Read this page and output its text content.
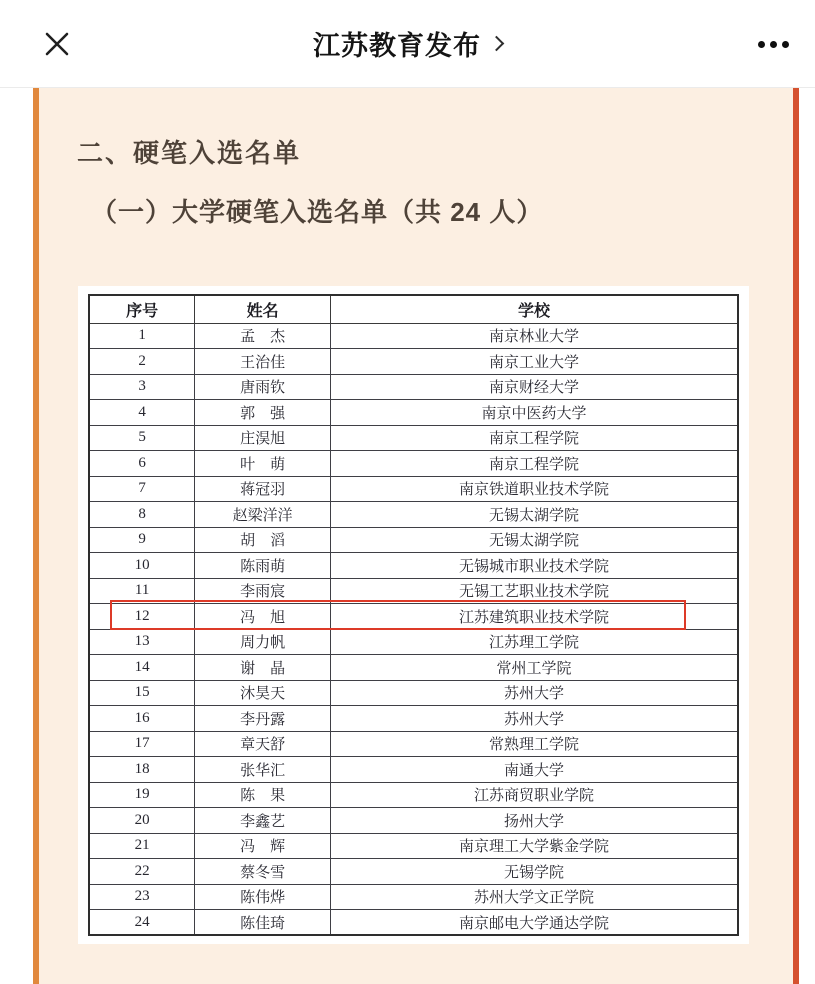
江苏教育发布
二、硬笔入选名单
（一）大学硬笔入选名单（共 24 人）
序号	姓名	学校
1	孟　杰	南京林业大学
2	王治佳	南京工业大学
3	唐雨钦	南京财经大学
4	郭　强	南京中医药大学
5	庄淏旭	南京工程学院
6	叶　萌	南京工程学院
7	蒋冠羽	南京铁道职业技术学院
8	赵梁洋洋	无锡太湖学院
9	胡　滔	无锡太湖学院
10	陈雨萌	无锡城市职业技术学院
11	李雨宸	无锡工艺职业技术学院
12	冯　旭	江苏建筑职业技术学院
13	周力帆	江苏理工学院
14	谢　晶	常州工学院
15	沐昊天	苏州大学
16	李丹露	苏州大学
17	章天舒	常熟理工学院
18	张华汇	南通大学
19	陈　果	江苏商贸职业学院
20	李鑫艺	扬州大学
21	冯　辉	南京理工大学紫金学院
22	蔡冬雪	无锡学院
23	陈伟烨	苏州大学文正学院
24	陈佳琦	南京邮电大学通达学院
